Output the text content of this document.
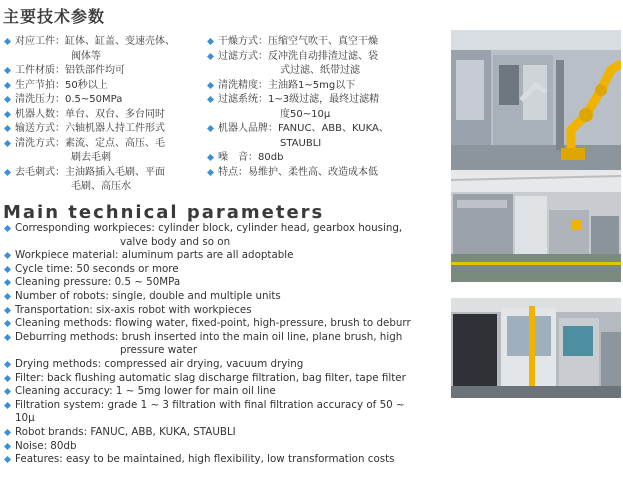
主要技术参数
对应工件：缸体、缸盖、变速壳体、
阀体等
工件材质：铝铁部件均可
生产节拍：50秒以上
清洗压力：0.5~50MPa
机器人数：单台、双台、多台同时
输送方式：六轴机器人持工件形式
清洗方式：素流、定点、高压、毛
刷去毛刺
去毛刺式：主油路插入毛刷、平面
毛刷、高压水
干燥方式：压缩空气吹干、真空干燥
过滤方式：反冲洗自动排渣过滤、袋
式过滤、纸带过滤
清洗精度：主油路1~5mg以下
过滤系统：1~3级过滤，最终过滤精
度50~10μ
机器人品牌：FANUC、ABB、KUKA、
STAUBLI
噪　音：80db
特点：易维护、柔性高、改造成本低
Main technical parameters
Corresponding workpieces: cylinder block, cylinder head, gearbox housing,
valve body and so on
Workpiece material: aluminum parts are all adoptable
Cycle time: 50 seconds or more
Cleaning pressure: 0.5 ~ 50MPa
Number of robots: single, double and multiple units
Transportation: six-axis robot with workpieces
Cleaning methods: flowing water, fixed-point, high-pressure, brush to deburr
Deburring methods: brush inserted into the main oil line, plane brush, high
pressure water
Drying methods: compressed air drying, vacuum drying
Filter: back flushing automatic slag discharge filtration, bag filter, tape filter
Cleaning accuracy: 1 ~ 5mg lower for main oil line
Filtration system: grade 1 ~ 3 filtration with final filtration accuracy of 50 ~ 10μ
Robot brands: FANUC, ABB, KUKA, STAUBLI
Noise: 80db
Features: easy to be maintained, high flexibility, low transformation costs
